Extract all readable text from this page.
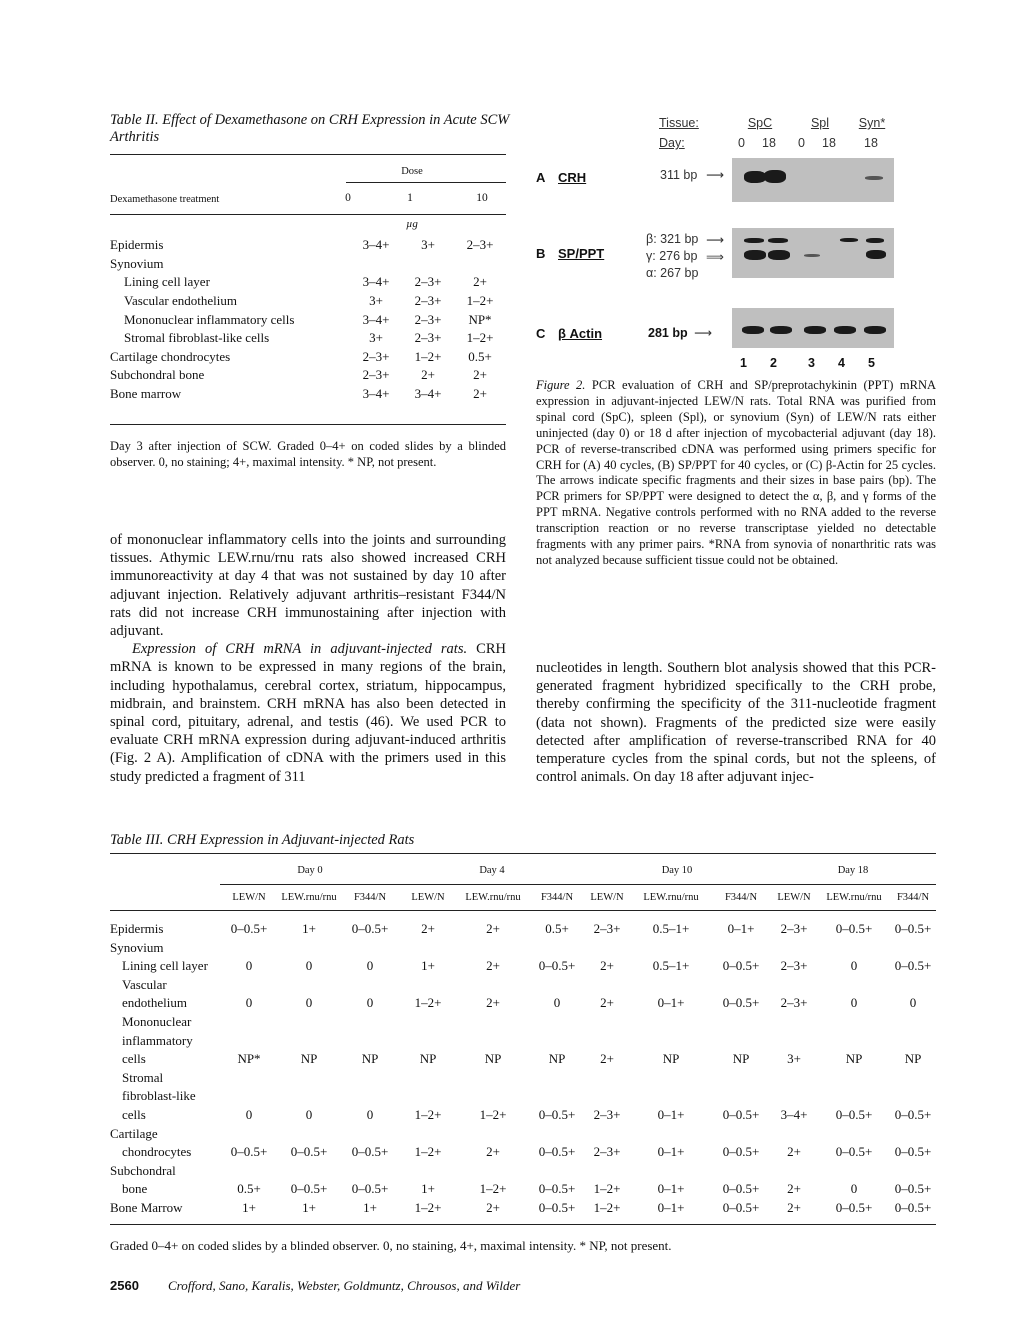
Table II. Effect of Dexamethasone on CRH Expression in Acute SCW Arthritis
Dose
Dexamethasone treatment	0	1	10
µg
Epidermis	3–4+	3+	2–3+
Synovium			
Lining cell layer	3–4+	2–3+	2+
Vascular endothelium	3+	2–3+	1–2+
Mononuclear inflammatory cells	3–4+	2–3+	NP*
Stromal fibroblast-like cells	3+	2–3+	1–2+
Cartilage chondrocytes	2–3+	1–2+	0.5+
Subchondral bone	2–3+	2+	2+
Bone marrow	3–4+	3–4+	2+
Day 3 after injection of SCW. Graded 0–4+ on coded slides by a blinded observer. 0, no staining; 4+, maximal intensity. * NP, not present.

of mononuclear inflammatory cells into the joints and surrounding tissues. Athymic LEW.rnu/rnu rats also showed increased CRH immunoreactivity at day 4 that was not sustained by day 10 after adjuvant injection. Relatively adjuvant arthritis–resistant F344/N rats did not increase CRH immunostaining after injection with adjuvant.

Expression of CRH mRNA in adjuvant-injected rats. CRH mRNA is known to be expressed in many regions of the brain, including hypothalamus, cerebral cortex, striatum, hippocampus, midbrain, and brainstem. CRH mRNA has also been detected in spinal cord, pituitary, adrenal, and testis (46). We used PCR to evaluate CRH mRNA expression during adjuvant-induced arthritis (Fig. 2 A). Amplification of cDNA with the primers used in this study predicted a fragment of 311

Tissue:
Day:
SpC	Spl	Syn*
0 18 0 18 18
A CRH	311 bp ⟶
B SP/PPT
β: 321 bp
γ: 276 bp
α: 267 bp
⟶
⟹
C β Actin	281 bp ⟶
1 2 3 4 5
Figure 2. PCR evaluation of CRH and SP/preprotachykinin (PPT) mRNA expression in adjuvant-injected LEW/N rats. Total RNA was purified from spinal cord (SpC), spleen (Spl), or synovium (Syn) of LEW/N rats either uninjected (day 0) or 18 d after injection of mycobacterial adjuvant (day 18). PCR of reverse-transcribed cDNA was performed using primers specific for CRH for (A) 40 cycles, (B) SP/PPT for 40 cycles, or (C) β-Actin for 25 cycles. The arrows indicate specific fragments and their sizes in base pairs (bp). The PCR primers for SP/PPT were designed to detect the α, β, and γ forms of the PPT mRNA. Negative controls performed with no RNA added to the reverse transcription reaction or no reverse transcriptase yielded no detectable fragments with any primer pairs. *RNA from synovia of nonarthritic rats was not analyzed because sufficient tissue could not be obtained.

nucleotides in length. Southern blot analysis showed that this PCR-generated fragment hybridized specifically to the CRH probe, thereby confirming the specificity of the 311-nucleotide fragment (data not shown). Fragments of the predicted size were easily detected after amplification of reverse-transcribed RNA for 40 temperature cycles from the spinal cords, but not the spleens, of control animals. On day 18 after adjuvant injec-

Table III. CRH Expression in Adjuvant-injected Rats
	Day 0			Day 4			Day 10			Day 18		
	LEW/N	LEW.rnu/rnu	F344/N	LEW/N	LEW.rnu/rnu	F344/N	LEW/N	LEW.rnu/rnu	F344/N	LEW/N	LEW.rnu/rnu	F344/N
Epidermis	0–0.5+	1+	0–0.5+	2+	2+	0.5+	2–3+	0.5–1+	0–1+	2–3+	0–0.5+	0–0.5+
Synovium												
Lining cell layer	0	0	0	1+	2+	0–0.5+	2+	0.5–1+	0–0.5+	2–3+	0	0–0.5+
Vascular												
endothelium	0	0	0	1–2+	2+	0	2+	0–1+	0–0.5+	2–3+	0	0
Mononuclear												
inflammatory												
cells	NP*	NP	NP	NP	NP	NP	2+	NP	NP	3+	NP	NP
Stromal												
fibroblast-like												
cells	0	0	0	1–2+	1–2+	0–0.5+	2–3+	0–1+	0–0.5+	3–4+	0–0.5+	0–0.5+
Cartilage												
chondrocytes	0–0.5+	0–0.5+	0–0.5+	1–2+	2+	0–0.5+	2–3+	0–1+	0–0.5+	2+	0–0.5+	0–0.5+
Subchondral												
bone	0.5+	0–0.5+	0–0.5+	1+	1–2+	0–0.5+	1–2+	0–1+	0–0.5+	2+	0	0–0.5+
Bone Marrow	1+	1+	1+	1–2+	2+	0–0.5+	1–2+	0–1+	0–0.5+	2+	0–0.5+	0–0.5+
Graded 0–4+ on coded slides by a blinded observer. 0, no staining, 4+, maximal intensity. * NP, not present.
2560 Crofford, Sano, Karalis, Webster, Goldmuntz, Chrousos, and Wilder
